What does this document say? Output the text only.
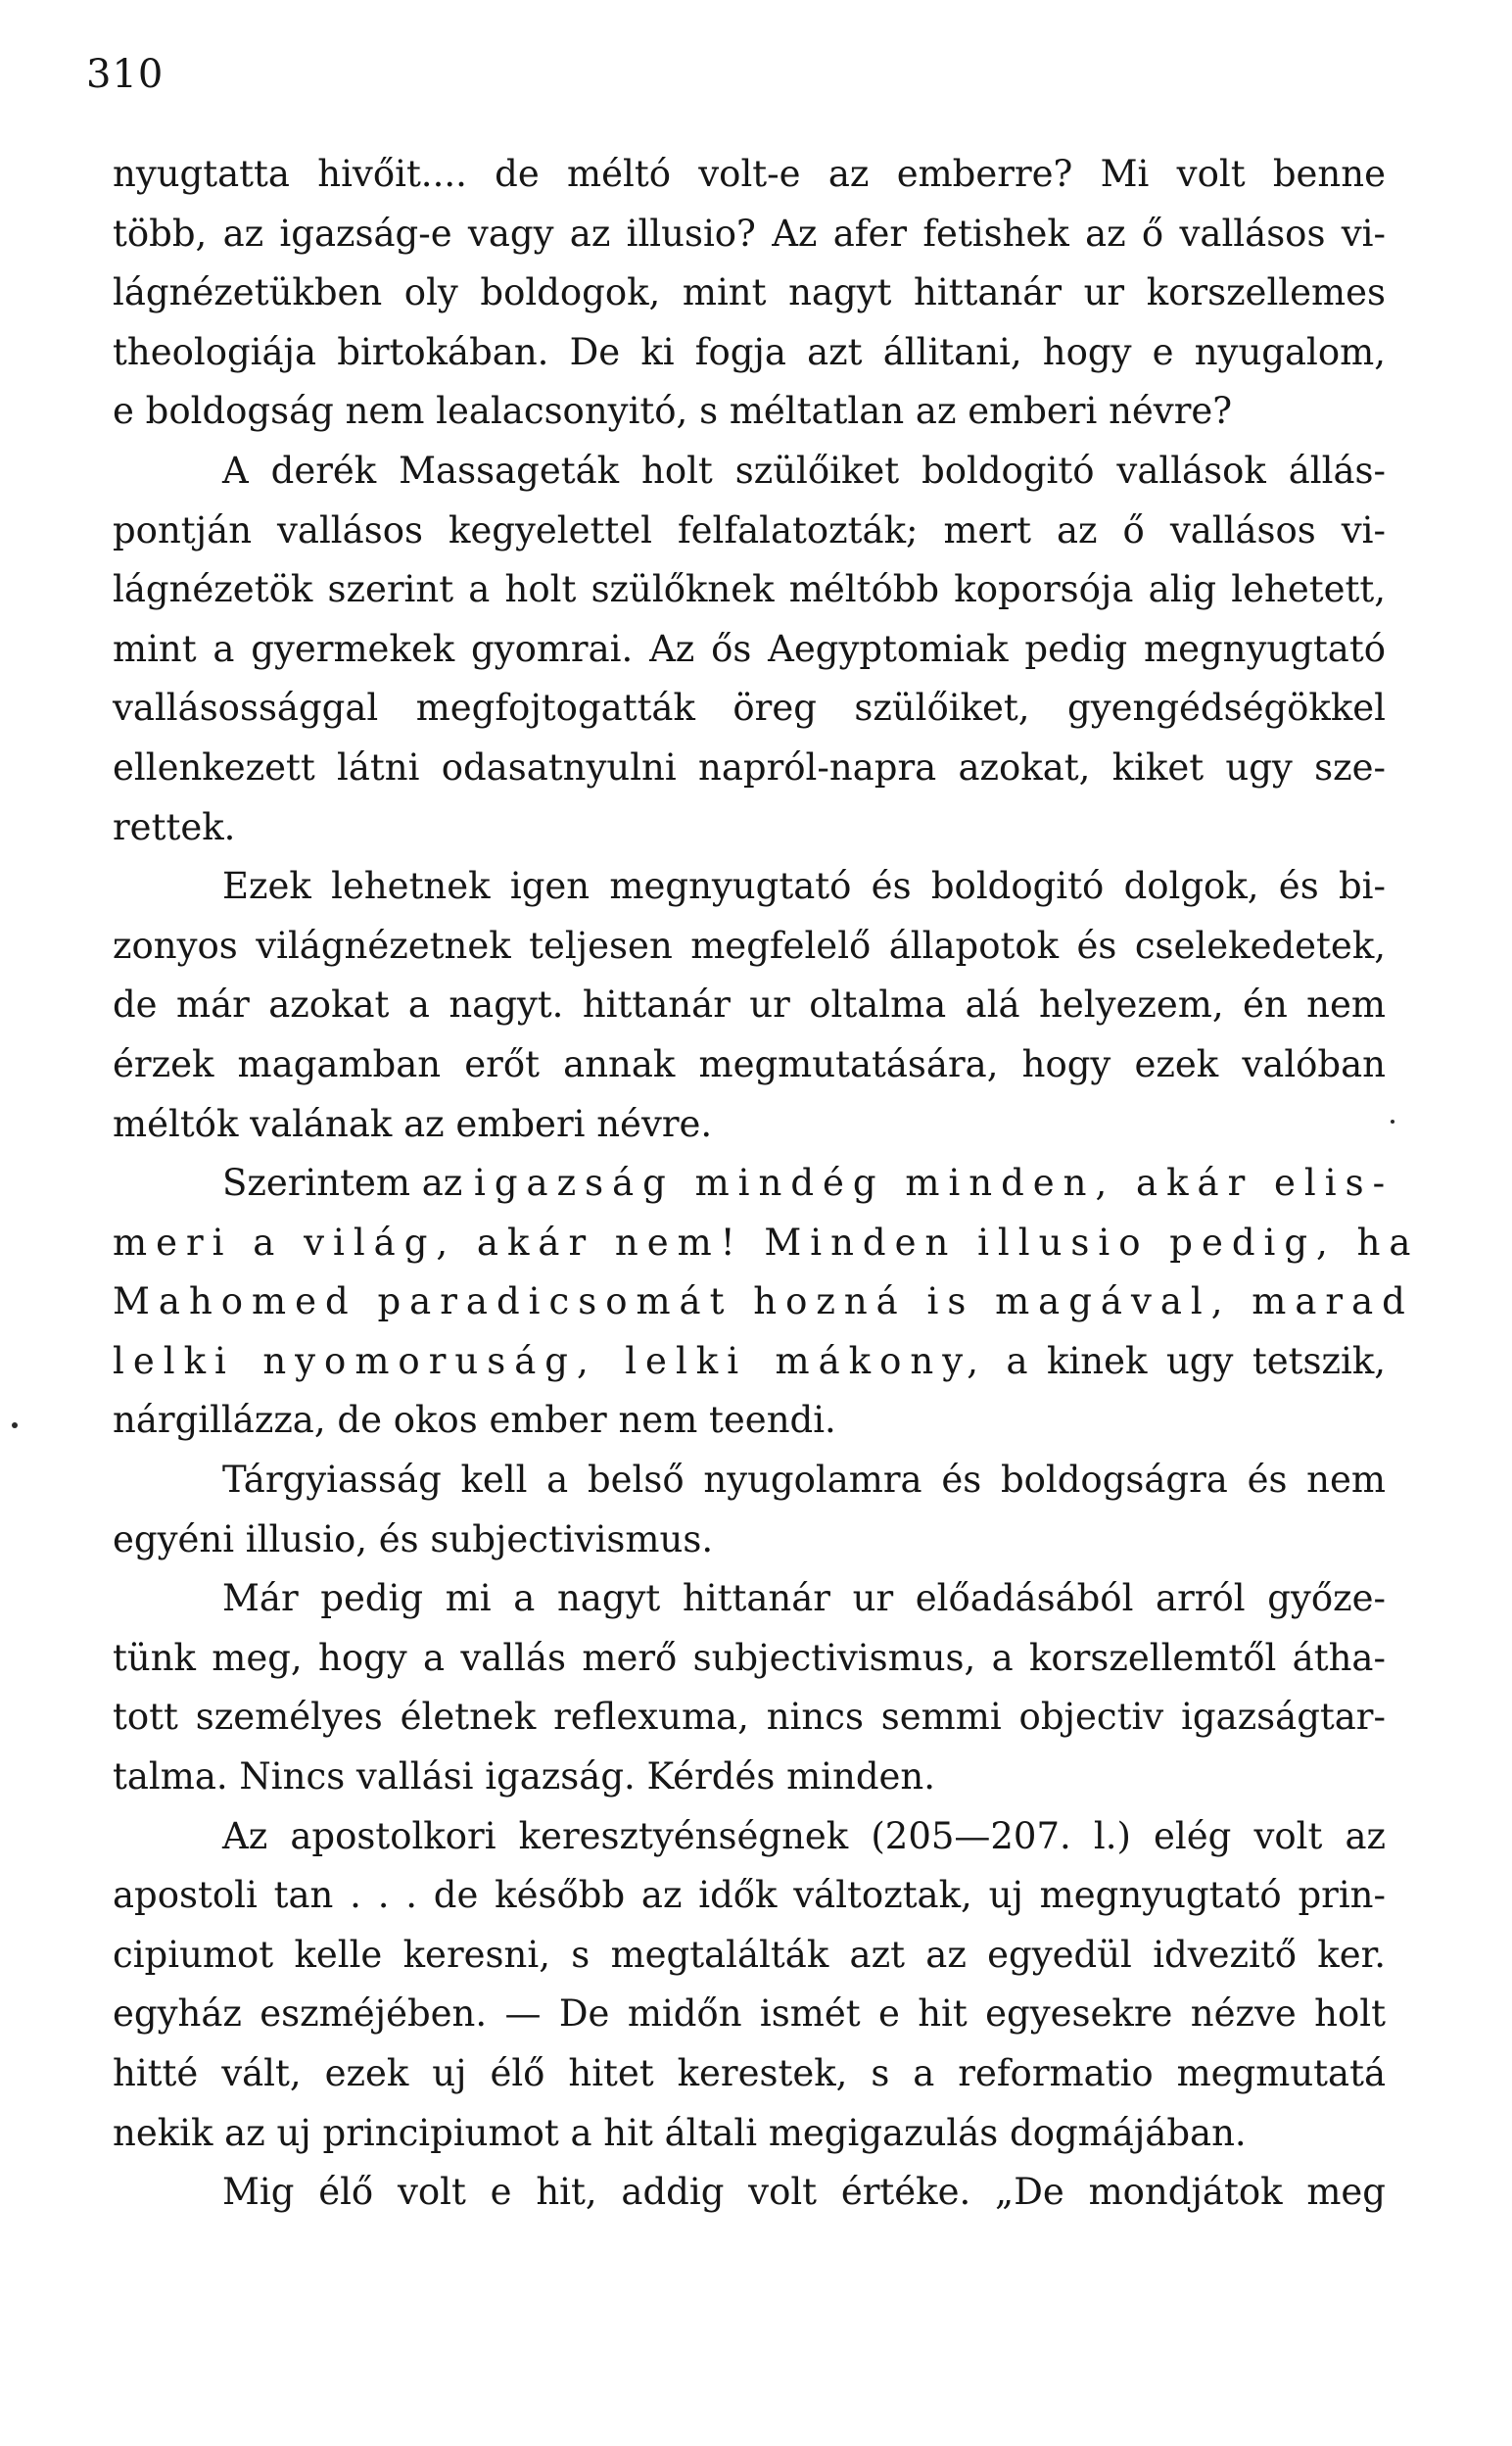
310
nyugtatta hivőit.... de méltó volt-e az emberre? Mi volt benne
több, az igazság-e vagy az illusio? Az afer fetishek az ő vallásos vi-
lágnézetükben oly boldogok, mint nagyt hittanár ur korszellemes
theologiája birtokában. De ki fogja azt állitani, hogy e nyugalom,
e boldogság nem lealacsonyitó, s méltatlan az emberi névre?
A derék Massageták holt szülőiket boldogitó vallások állás-
pontján vallásos kegyelettel felfalatozták; mert az ő vallásos vi-
lágnézetök szerint a holt szülőknek méltóbb koporsója alig lehetett,
mint a gyermekek gyomrai. Az ős Aegyptomiak pedig megnyugtató
vallásossággal megfojtogatták öreg szülőiket, gyengédségökkel
ellenkezett látni odasatnyulni napról-napra azokat, kiket ugy sze-
rettek.
Ezek lehetnek igen megnyugtató és boldogitó dolgok, és bi-
zonyos világnézetnek teljesen megfelelő állapotok és cselekedetek,
de már azokat a nagyt. hittanár ur oltalma alá helyezem, én nem
érzek magamban erőt annak megmutatására, hogy ezek valóban
méltók valának az emberi névre.
Szerintem az igazság mindég minden, akár elis-
meri a világ, akár nem! Minden illusio pedig, ha
Mahomed paradicsomát hozná is magával, marad
lelki nyomoruság, lelki mákony, a kinek ugy tetszik,
nárgillázza, de okos ember nem teendi.
Tárgyiasság kell a belső nyugolamra és boldogságra és nem
egyéni illusio, és subjectivismus.
Már pedig mi a nagyt hittanár ur előadásából arról győze-
tünk meg, hogy a vallás merő subjectivismus, a korszellemtől átha-
tott személyes életnek reflexuma, nincs semmi objectiv igazságtar-
talma. Nincs vallási igazság. Kérdés minden.
Az apostolkori keresztyénségnek (205—207. l.) elég volt az
apostoli tan . . . de később az idők változtak, uj megnyugtató prin-
cipiumot kelle keresni, s megtalálták azt az egyedül idvezitő ker.
egyház eszméjében. — De midőn ismét e hit egyesekre nézve holt
hitté vált, ezek uj élő hitet kerestek, s a reformatio megmutatá
nekik az uj principiumot a hit általi megigazulás dogmájában.
Mig élő volt e hit, addig volt értéke. „De mondjátok meg
